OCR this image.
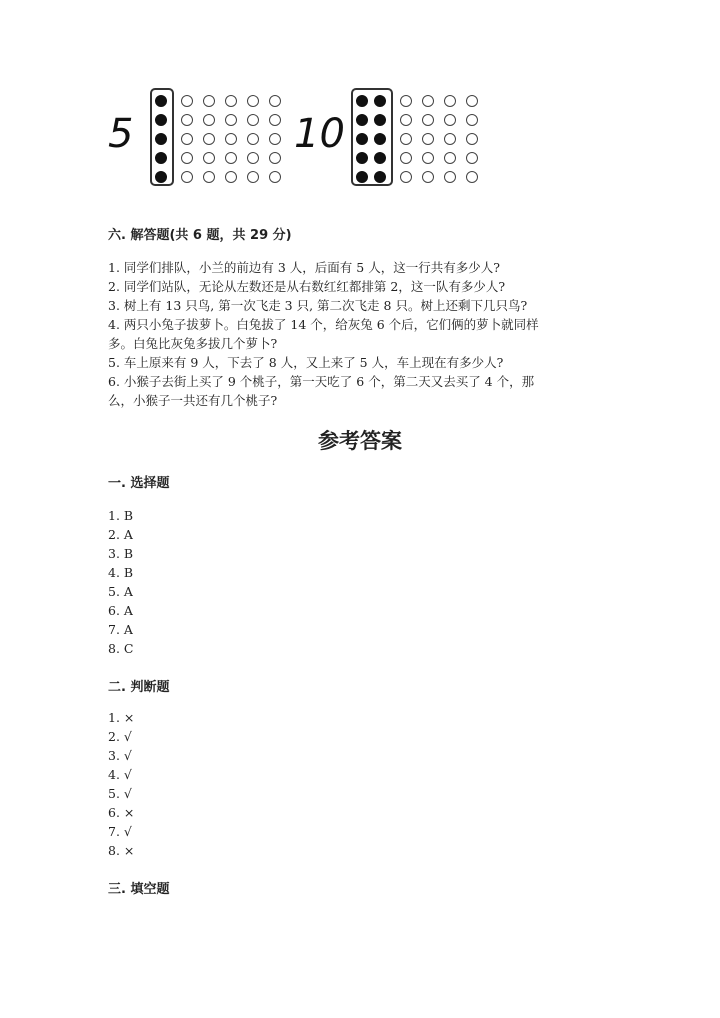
5	10
六. 解答题(共 6 题，共 29 分)
1. 同学们排队，小兰的前边有 3 人，后面有 5 人，这一行共有多少人?
2. 同学们站队，无论从左数还是从右数红红都排第 2，这一队有多少人?
3. 树上有 13 只鸟, 第一次飞走 3 只, 第二次飞走 8 只。树上还剩下几只鸟?
4. 两只小兔子拔萝卜。白兔拔了 14 个，给灰兔 6 个后，它们俩的萝卜就同样
多。白兔比灰兔多拔几个萝卜?
5. 车上原来有 9 人，下去了 8 人，又上来了 5 人，车上现在有多少人?
6. 小猴子去街上买了 9 个桃子，第一天吃了 6 个，第二天又去买了 4 个，那
么，小猴子一共还有几个桃子?
参考答案
一. 选择题
1. B
2. A
3. B
4. B
5. A
6. A
7. A
8. C
二. 判断题
1. ×
2. √
3. √
4. √
5. √
6. ×
7. √
8. ×
三. 填空题
